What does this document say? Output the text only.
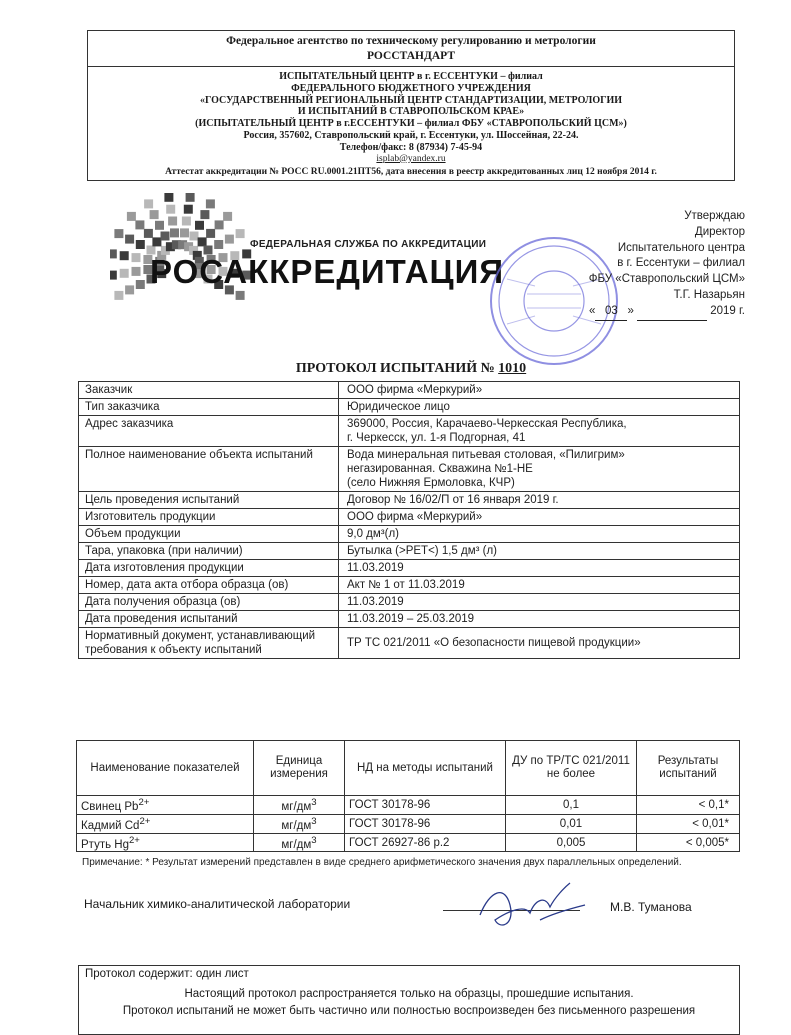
Федеральное агентство по техническому регулированию и метрологии
РОССТАНДАРТ
ИСПЫТАТЕЛЬНЫЙ ЦЕНТР в г. ЕССЕНТУКИ – филиал
ФЕДЕРАЛЬНОГО БЮДЖЕТНОГО УЧРЕЖДЕНИЯ
«ГОСУДАРСТВЕННЫЙ РЕГИОНАЛЬНЫЙ ЦЕНТР СТАНДАРТИЗАЦИИ, МЕТРОЛОГИИ
И ИСПЫТАНИЙ В СТАВРОПОЛЬСКОМ КРАЕ»
(ИСПЫТАТЕЛЬНЫЙ ЦЕНТР в г.ЕССЕНТУКИ – филиал ФБУ «СТАВРОПОЛЬСКИЙ ЦСМ»)
Россия, 357602, Ставропольский край, г. Ессентуки, ул. Шоссейная, 22-24.
Телефон/факс: 8 (87934) 7-45-94
isplab@yandex.ru
Аттестат аккредитации № РОСС RU.0001.21ПТ56, дата внесения в реестр аккредитованных лиц 12 ноября 2014 г.
ФЕДЕРАЛЬНАЯ СЛУЖБА ПО АККРЕДИТАЦИИ
РОСАККРЕДИТАЦИЯ
Утверждаю
Директор
Испытательного центра
в г. Ессентуки – филиал
ФБУ «Ставропольский ЦСМ»
Т.Г. Назарьян
« 03 »	2019 г.
ПРОТОКОЛ ИСПЫТАНИЙ № 1010
Заказчик	ООО фирма «Меркурий»

Тип заказчика	Юридическое лицо

Адрес заказчика	369000, Россия, Карачаево-Черкесская Республика,
г. Черкесск, ул. 1-я Подгорная, 41

Полное наименование объекта испытаний	Вода минеральная питьевая столовая, «Пилигрим»
негазированная. Скважина №1-НЕ
(село Нижняя Ермоловка, КЧР)

Цель проведения испытаний	Договор № 16/02/П от 16 января 2019 г.

Изготовитель продукции	ООО фирма «Меркурий»

Объем продукции	9,0 дм³(л)

Тара, упаковка (при наличии)	Бутылка (>PET<) 1,5 дм³ (л)

Дата изготовления продукции	11.03.2019

Номер, дата акта отбора образца (ов)	Акт № 1 от 11.03.2019

Дата получения образца (ов)	11.03.2019

Дата проведения испытаний	11.03.2019 – 25.03.2019

Нормативный документ, устанавливающий требования к объекту испытаний	ТР ТС 021/2011 «О безопасности пищевой продукции»
Наименование показателей	Единица измерения	НД на методы испытаний	ДУ по ТР/ТС 021/2011 не более	Результаты испытаний
Свинец $Pb^{2+}$	$мг/дм^3$	ГОСТ 30178-96	0,1	< 0,1*
Кадмий $Cd^{2+}$	$мг/дм^3$	ГОСТ 30178-96	0,01	< 0,01*
Ртуть $Hg^{2+}$	$мг/дм^3$	ГОСТ 26927-86 р.2	0,005	< 0,005*
Примечание: * Результат измерений представлен в виде среднего арифметического значения двух параллельных определений.
Начальник химико-аналитической лаборатории	М.В. Туманова
Протокол содержит: один лист
Настоящий протокол распространяется только на образцы, прошедшие испытания.
Протокол испытаний не может быть частично или полностью воспроизведен без письменного разрешения
